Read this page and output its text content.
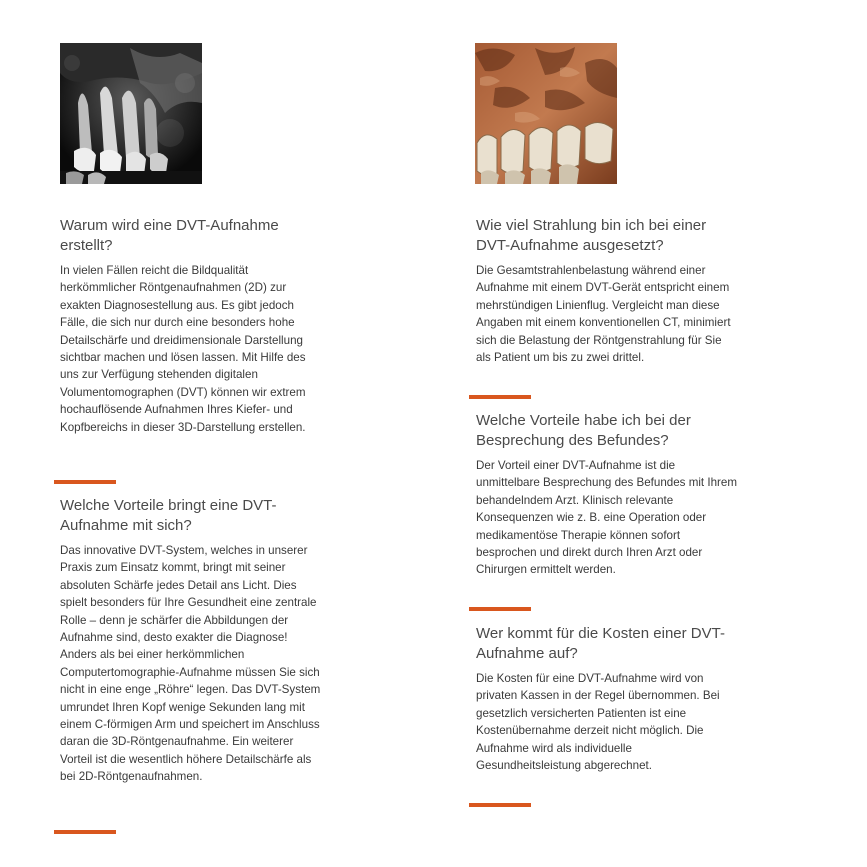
Warum wird eine DVT-Aufnahme erstellt?

In vielen Fällen reicht die Bildqualität herkömmlicher Röntgenaufnahmen (2D) zur exakten Diagnosestellung aus. Es gibt jedoch Fälle, die sich nur durch eine besonders hohe Detailschärfe und dreidimensionale Darstellung sichtbar machen und lösen lassen. Mit Hilfe des uns zur Verfügung stehenden digitalen Volumentomographen (DVT) können wir extrem hochauflösende Aufnahmen Ihres Kiefer- und Kopfbereichs in dieser 3D-Darstellung erstellen.

Welche Vorteile bringt eine DVT-Aufnahme mit sich?

Das innovative DVT-System, welches in unserer Praxis zum Einsatz kommt, bringt mit seiner absoluten Schärfe jedes Detail ans Licht. Dies spielt besonders für Ihre Gesundheit eine zentrale Rolle – denn je schärfer die Abbildungen der Aufnahme sind, desto exakter die Diagnose! Anders als bei einer herkömmlichen Computertomographie-Aufnahme müssen Sie sich nicht in eine enge „Röhre“ legen. Das DVT-System umrundet Ihren Kopf wenige Sekunden lang mit einem C-förmigen Arm und speichert im Anschluss daran die 3D-Röntgenaufnahme. Ein weiterer Vorteil ist die wesentlich höhere Detailschärfe als bei 2D-Röntgenaufnahmen.

Wie viel Strahlung bin ich bei einer DVT-Aufnahme ausgesetzt?

Die Gesamtstrahlenbelastung während einer Aufnahme mit einem DVT-Gerät entspricht einem mehrstündigen Linienflug. Vergleicht man diese Angaben mit einem konventionellen CT, minimiert sich die Belastung der Röntgenstrahlung für Sie als Patient um bis zu zwei drittel.

Welche Vorteile habe ich bei der Besprechung des Befundes?

Der Vorteil einer DVT-Aufnahme ist die unmittelbare Besprechung des Befundes mit Ihrem behandelndem Arzt. Klinisch relevante Konsequenzen wie z. B. eine Operation oder medikamentöse Therapie können sofort besprochen und direkt durch Ihren Arzt oder Chirurgen ermittelt werden.

Wer kommt für die Kosten einer DVT-Aufnahme auf?

Die Kosten für eine DVT-Aufnahme wird von privaten Kassen in der Regel übernommen. Bei gesetzlich versicherten Patienten ist eine Kostenübernahme derzeit nicht möglich. Die Aufnahme wird als individuelle Gesundheitsleistung abgerechnet.
